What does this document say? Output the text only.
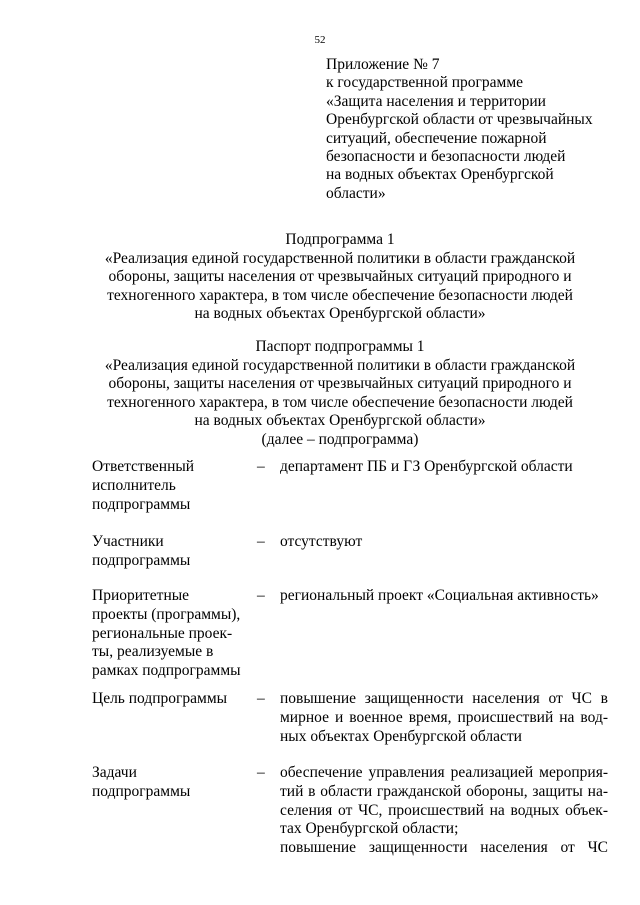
52
Приложение № 7
к государственной программе
«Защита населения и территории
Оренбургской области от чрезвычайных
ситуаций, обеспечение пожарной
безопасности и безопасности людей
на водных объектах Оренбургской
области»
Подпрограмма 1
«Реализация единой государственной политики в области гражданской
обороны, защиты населения от чрезвычайных ситуаций природного и
техногенного характера, в том числе обеспечение безопасности людей
на водных объектах Оренбургской области»
Паспорт подпрограммы 1
«Реализация единой государственной политики в области гражданской
обороны, защиты населения от чрезвычайных ситуаций природного и
техногенного характера, в том числе обеспечение безопасности людей
на водных объектах Оренбургской области»
(далее – подпрограмма)
Ответственный
исполнитель
подпрограммы
– департамент ПБ и ГЗ Оренбургской области
Участники
подпрограммы
– отсутствуют
Приоритетные
проекты (программы),
региональные проек-
ты, реализуемые в
рамках подпрограммы
– региональный проект «Социальная активность»
Цель подпрограммы	– повышение защищенности населения от ЧС в
мирное и военное время, происшествий на вод-
ных объектах Оренбургской области
Задачи
подпрограммы
– обеспечение управления реализацией мероприя-
тий в области гражданской обороны, защиты на-
селения от ЧС, происшествий на водных объек-
тах Оренбургской области;
повышение защищенности населения от ЧС
